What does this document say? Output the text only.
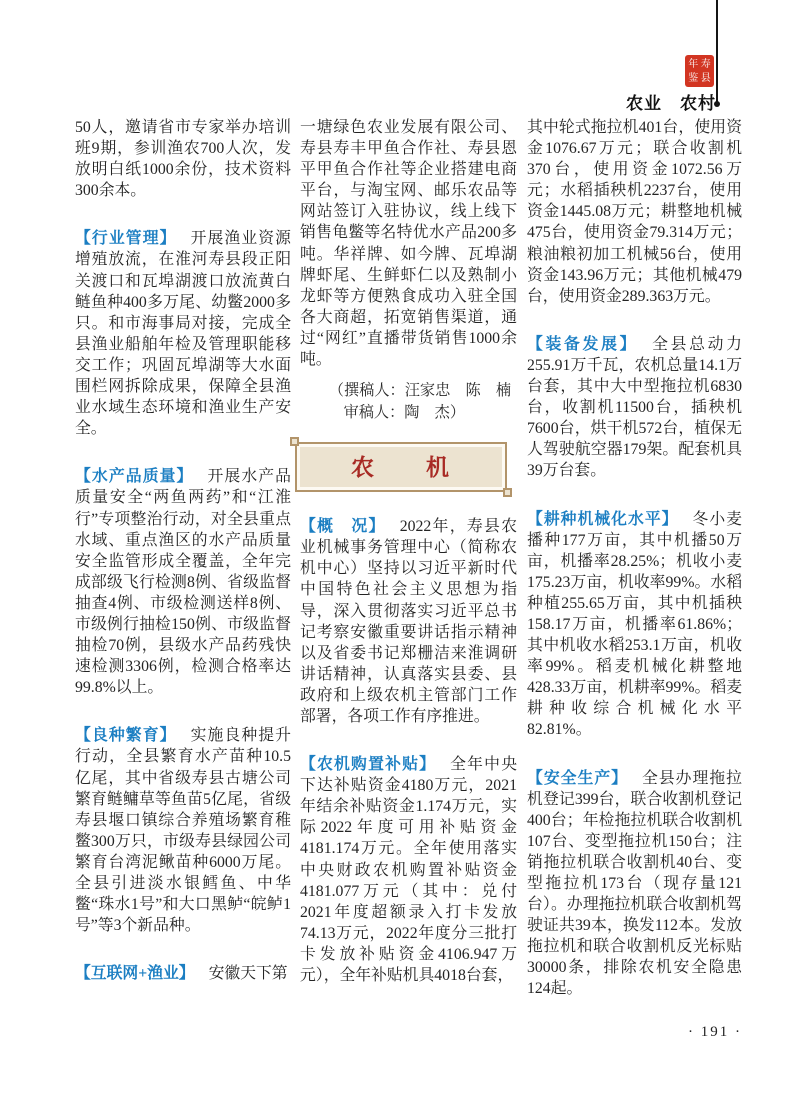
年 寿
鉴 县
农业　农村

50人，邀请省市专家举办培训班9期，参训渔农700人次，发放明白纸1000余份，技术资料300余本。

【行业管理】 开展渔业资源增殖放流，在淮河寿县段正阳关渡口和瓦埠湖渡口放流黄白鲢鱼种400多万尾、幼鳖2000多只。和市海事局对接，完成全县渔业船舶年检及管理职能移交工作；巩固瓦埠湖等大水面围栏网拆除成果，保障全县渔业水域生态环境和渔业生产安全。

【水产品质量】 开展水产品质量安全“两鱼两药”和“江淮行”专项整治行动，对全县重点水域、重点渔区的水产品质量安全监管形成全覆盖，全年完成部级飞行检测8例、省级监督抽查4例、市级检测送样8例、市级例行抽检150例、市级监督抽检70例，县级水产品药残快速检测3306例，检测合格率达99.8%以上。

【良种繁育】 实施良种提升行动，全县繁育水产苗种10.5亿尾，其中省级寿县古塘公司繁育鲢鳙草等鱼苗5亿尾，省级寿县堰口镇综合养殖场繁育稚鳖300万只，市级寿县绿园公司繁育台湾泥鳅苗种6000万尾。全县引进淡水银鳕鱼、中华鳖“珠水1号”和大口黑鲈“皖鲈1号”等3个新品种。

【互联网+渔业】 安徽天下第

一塘绿色农业发展有限公司、寿县寿丰甲鱼合作社、寿县恩平甲鱼合作社等企业搭建电商平台，与淘宝网、邮乐农品等网站签订入驻协议，线上线下销售龟鳖等名特优水产品200多吨。华祥牌、如今牌、瓦埠湖牌虾尾、生鲜虾仁以及熟制小龙虾等方便熟食成功入驻全国各大商超，拓宽销售渠道，通过“网红”直播带货销售1000余吨。

（撰稿人：汪家忠　陈　楠
审稿人：陶　杰）
农　　机

【概　况】 2022年，寿县农业机械事务管理中心（简称农机中心）坚持以习近平新时代中国特色社会主义思想为指导，深入贯彻落实习近平总书记考察安徽重要讲话指示精神以及省委书记郑栅洁来淮调研讲话精神，认真落实县委、县政府和上级农机主管部门工作部署，各项工作有序推进。

【农机购置补贴】 全年中央下达补贴资金4180万元，2021年结余补贴资金1.174万元，实际2022年度可用补贴资金4181.174万元。全年使用落实中央财政农机购置补贴资金4181.077万元（其中：兑付2021年度超额录入打卡发放74.13万元，2022年度分三批打卡发放补贴资金4106.947万元），全年补贴机具4018台套，

其中轮式拖拉机401台，使用资金1076.67万元；联合收割机370台，使用资金1072.56万元；水稻插秧机2237台，使用资金1445.08万元；耕整地机械475台，使用资金79.314万元；粮油粮初加工机械56台，使用资金143.96万元；其他机械479台，使用资金289.363万元。

【装备发展】 全县总动力255.91万千瓦，农机总量14.1万台套，其中大中型拖拉机6830台，收割机11500台，插秧机7600台，烘干机572台，植保无人驾驶航空器179架。配套机具39万台套。

【耕种机械化水平】 冬小麦播种177万亩，其中机播50万亩，机播率28.25%；机收小麦175.23万亩，机收率99%。水稻种植255.65万亩，其中机插秧158.17万亩，机播率61.86%；其中机收水稻253.1万亩，机收率99%。稻麦机械化耕整地428.33万亩，机耕率99%。稻麦耕种收综合机械化水平82.81%。

【安全生产】 全县办理拖拉机登记399台，联合收割机登记400台；年检拖拉机联合收割机107台、变型拖拉机150台；注销拖拉机联合收割机40台、变型拖拉机173台（现存量121台）。办理拖拉机联合收割机驾驶证共39本，换发112本。发放拖拉机和联合收割机反光标贴30000条，排除农机安全隐患124起。

· 191 ·
